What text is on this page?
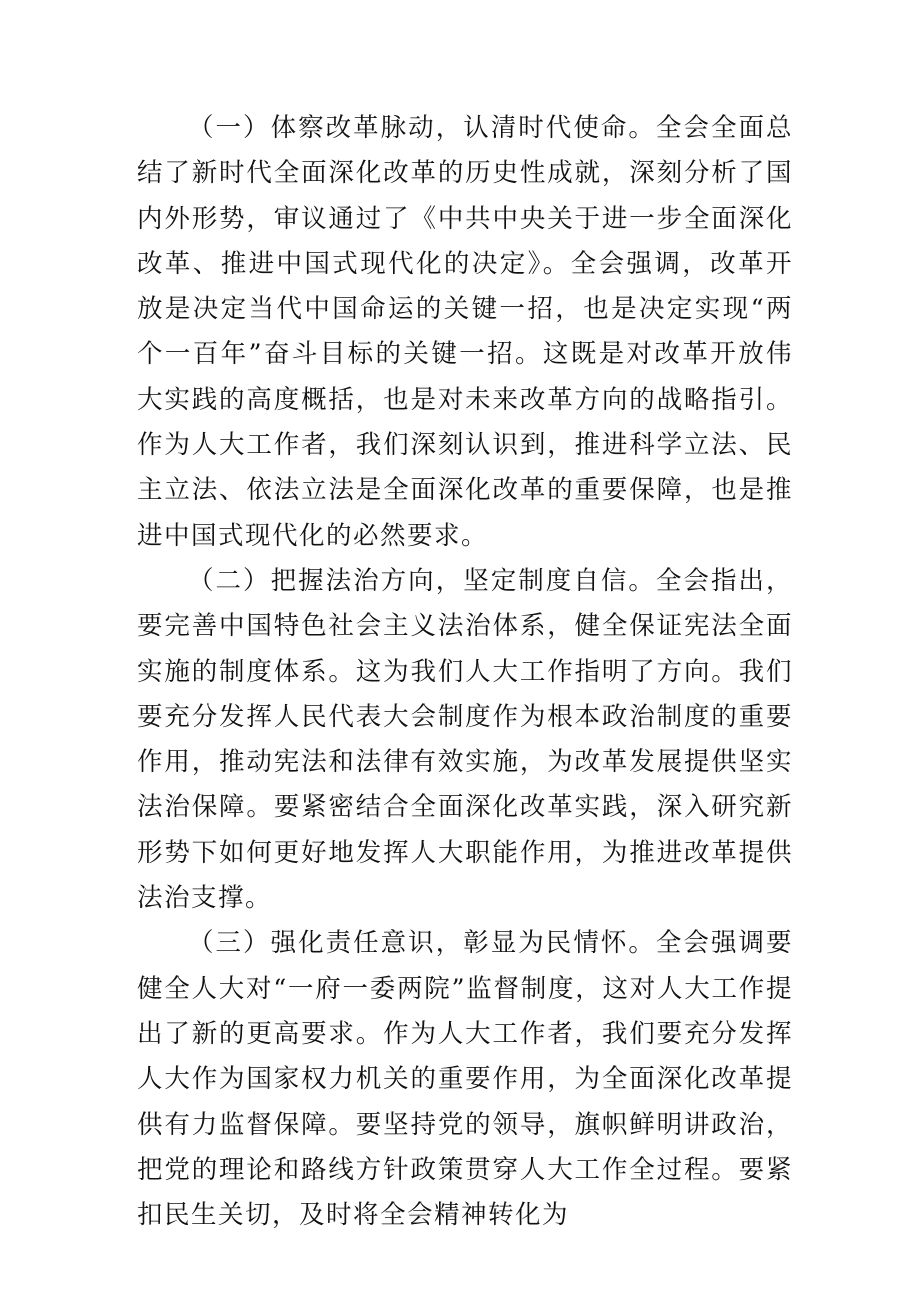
（一）体察改革脉动，认清时代使命。全会全面总结了新时代全面深化改革的历史性成就，深刻分析了国内外形势，审议通过了《中共中央关于进一步全面深化改革、推进中国式现代化的决定》。全会强调，改革开放是决定当代中国命运的关键一招，也是决定实现“两个一百年”奋斗目标的关键一招。这既是对改革开放伟大实践的高度概括，也是对未来改革方向的战略指引。作为人大工作者，我们深刻认识到，推进科学立法、民主立法、依法立法是全面深化改革的重要保障，也是推进中国式现代化的必然要求。

（二）把握法治方向，坚定制度自信。全会指出，要完善中国特色社会主义法治体系，健全保证宪法全面实施的制度体系。这为我们人大工作指明了方向。我们要充分发挥人民代表大会制度作为根本政治制度的重要作用，推动宪法和法律有效实施，为改革发展提供坚实法治保障。要紧密结合全面深化改革实践，深入研究新形势下如何更好地发挥人大职能作用，为推进改革提供法治支撑。

（三）强化责任意识，彰显为民情怀。全会强调要健全人大对“一府一委两院”监督制度，这对人大工作提出了新的更高要求。作为人大工作者，我们要充分发挥人大作为国家权力机关的重要作用，为全面深化改革提供有力监督保障。要坚持党的领导，旗帜鲜明讲政治，把党的理论和路线方针政策贯穿人大工作全过程。要紧扣民生关切，及时将全会精神转化为
